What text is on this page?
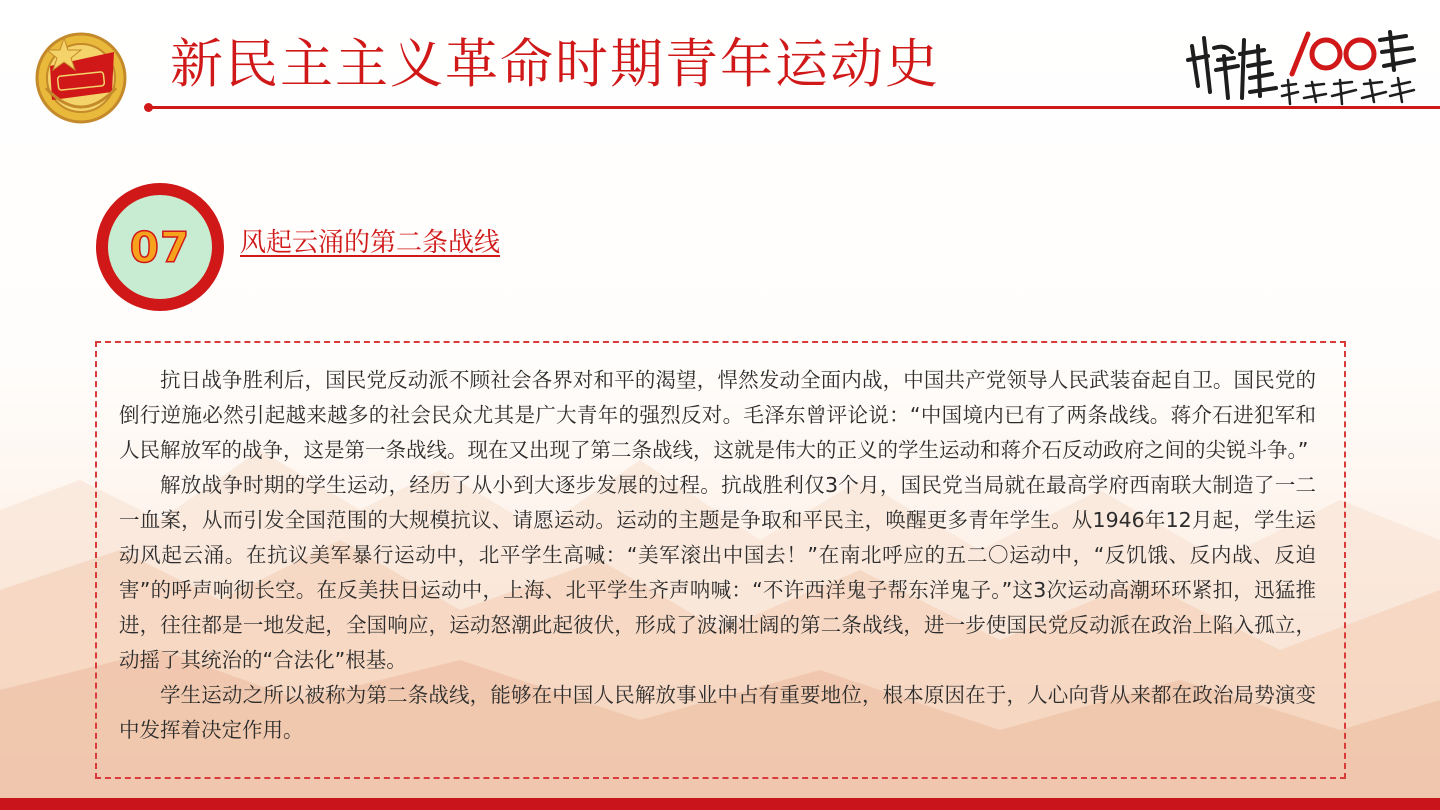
新民主主义革命时期青年运动史
07 风起云涌的第二条战线

抗日战争胜利后，国民党反动派不顾社会各界对和平的渴望，悍然发动全面内战，中国共产党领导人民武装奋起自卫。国民党的倒行逆施必然引起越来越多的社会民众尤其是广大青年的强烈反对。毛泽东曾评论说：“中国境内已有了两条战线。蒋介石进犯军和人民解放军的战争，这是第一条战线。现在又出现了第二条战线，这就是伟大的正义的学生运动和蒋介石反动政府之间的尖锐斗争。”

解放战争时期的学生运动，经历了从小到大逐步发展的过程。抗战胜利仅3个月，国民党当局就在最高学府西南联大制造了一二一血案，从而引发全国范围的大规模抗议、请愿运动。运动的主题是争取和平民主，唤醒更多青年学生。从1946年12月起，学生运动风起云涌。在抗议美军暴行运动中，北平学生高喊：“美军滚出中国去！”在南北呼应的五二〇运动中，“反饥饿、反内战、反迫害”的呼声响彻长空。在反美扶日运动中，上海、北平学生齐声呐喊：“不许西洋鬼子帮东洋鬼子。”这3次运动高潮环环紧扣，迅猛推进，往往都是一地发起，全国响应，运动怒潮此起彼伏，形成了波澜壮阔的第二条战线，进一步使国民党反动派在政治上陷入孤立，动摇了其统治的“合法化”根基。

学生运动之所以被称为第二条战线，能够在中国人民解放事业中占有重要地位，根本原因在于，人心向背从来都在政治局势演变中发挥着决定作用。
